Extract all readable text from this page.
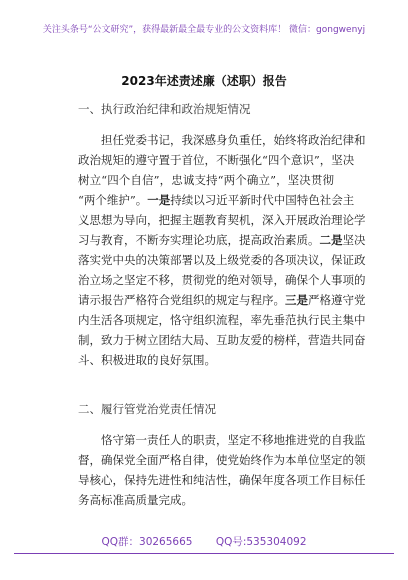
关注头条号“公文研究”，获得最新最全最专业的公文资料库！ 微信：gongwenyj
2023年述责述廉（述职）报告
一、执行政治纪律和政治规矩情况
担任党委书记，我深感身负重任，始终将政治纪律和
政治规矩的遵守置于首位，不断强化“四个意识”，坚决
树立“四个自信”，忠诚支持“两个确立”，坚决贯彻
“两个维护”。一是持续以习近平新时代中国特色社会主
义思想为导向，把握主题教育契机，深入开展政治理论学
习与教育，不断夯实理论功底，提高政治素质。二是坚决
落实党中央的决策部署以及上级党委的各项决议，保证政
治立场之坚定不移，贯彻党的绝对领导，确保个人事项的
请示报告严格符合党组织的规定与程序。三是严格遵守党
内生活各项规定，恪守组织流程，率先垂范执行民主集中
制，致力于树立团结大局、互助友爱的榜样，营造共同奋
斗、积极进取的良好氛围。
二、履行管党治党责任情况
恪守第一责任人的职责，坚定不移地推进党的自我监
督，确保党全面严格自律，使党始终作为本单位坚定的领
导核心，保持先进性和纯洁性，确保年度各项工作目标任
务高标准高质量完成。
QQ群：30265665 QQ号:535304092
